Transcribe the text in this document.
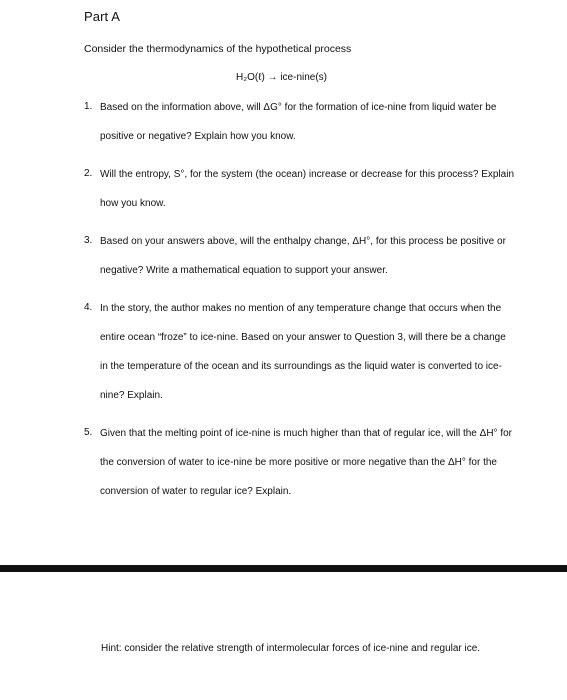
Part A
Consider the thermodynamics of the hypothetical process
H₂O(ℓ) → ice-nine(s)
1. Based on the information above, will ΔG° for the formation of ice-nine from liquid water be positive or negative? Explain how you know.

2. Will the entropy, S°, for the system (the ocean) increase or decrease for this process? Explain how you know.

3. Based on your answers above, will the enthalpy change, ΔH°, for this process be positive or negative? Write a mathematical equation to support your answer.

4. In the story, the author makes no mention of any temperature change that occurs when the entire ocean “froze” to ice-nine. Based on your answer to Question 3, will there be a change in the temperature of the ocean and its surroundings as the liquid water is converted to ice-nine? Explain.

5. Given that the melting point of ice-nine is much higher than that of regular ice, will the ΔH° for the conversion of water to ice-nine be more positive or more negative than the ΔH° for the conversion of water to regular ice? Explain.

Hint: consider the relative strength of intermolecular forces of ice-nine and regular ice.
